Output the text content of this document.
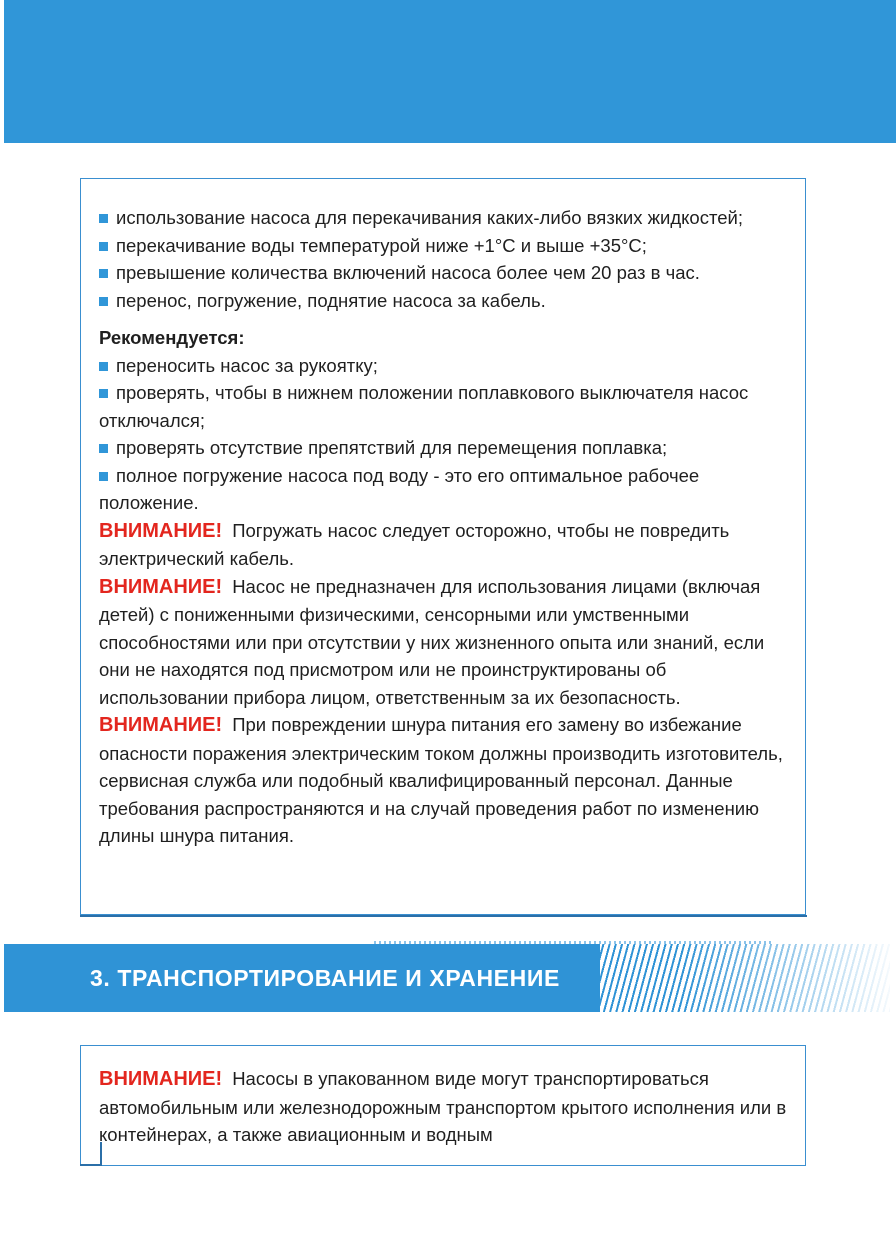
использование насоса для перекачивания каких-либо вязких жидкостей;

перекачивание воды температурой ниже +1°С и выше +35°С;

превышение количества включений насоса более чем 20 раз в час.

перенос, погружение, поднятие насоса за кабель.

Рекомендуется:

переносить насос за рукоятку;

проверять, чтобы в нижнем положении поплавкового выключателя насос отключался;

проверять отсутствие препятствий для перемещения поплавка;

полное погружение насоса под воду - это его оптимальное рабочее положение.

ВНИМАНИЕ! Погружать насос следует осторожно, чтобы не повредить электрический кабель.

ВНИМАНИЕ! Насос не предназначен для использования лицами (включая детей) с пониженными физическими, сенсорными или умственными способностями или при отсутствии у них жизненного опыта или знаний, если они не находятся под присмотром или не проинструктированы об использовании прибора лицом, ответственным за их безопасность.

ВНИМАНИЕ! При повреждении шнура питания его замену во избежание опасности поражения электрическим током должны производить изготовитель, сервисная служба или подобный квалифицированный персонал. Данные требования распространяются и на случай проведения работ по изменению длины шнура питания.

3. ТРАНСПОРТИРОВАНИЕ И ХРАНЕНИЕ

ВНИМАНИЕ! Насосы в упакованном виде могут транспортироваться автомобильным или железнодорожным транспортом крытого исполнения или в контейнерах, а также авиационным и водным
